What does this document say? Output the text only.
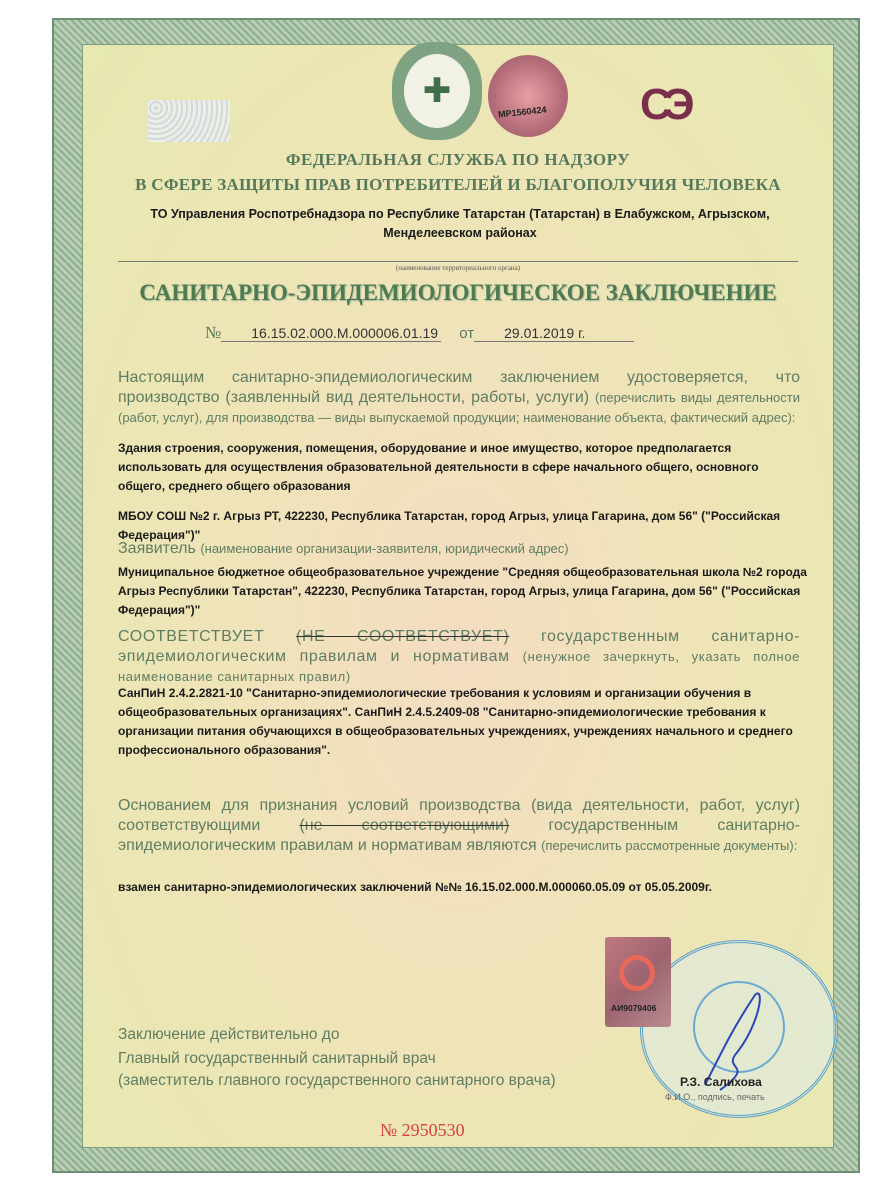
✚
МР1560424 СЭ
ФЕДЕРАЛЬНАЯ СЛУЖБА ПО НАДЗОРУ
В СФЕРЕ ЗАЩИТЫ ПРАВ ПОТРЕБИТЕЛЕЙ И БЛАГОПОЛУЧИЯ ЧЕЛОВЕКА
ТО Управления Роспотребнадзора по Республике Татарстан (Татарстан) в Елабужском, Агрызском, Менделеевском районах
(наименование территориального органа)
САНИТАРНО-ЭПИДЕМИОЛОГИЧЕСКОЕ ЗАКЛЮЧЕНИЕ
№	16.15.02.000.М.000006.01.19 от	29.01.2019 г.
Настоящим санитарно-эпидемиологическим заключением удостоверяется, что производство (заявленный вид деятельности, работы, услуги) (перечислить виды деятельности (работ, услуг), для производства — виды выпускаемой продукции; наименование объекта, фактический адрес):
Здания строения, сооружения, помещения, оборудование и иное имущество, которое предполагается использовать для осуществления образовательной деятельности в сфере начального общего, основного общего, среднего общего образования
МБОУ СОШ №2 г. Агрыз РТ, 422230, Республика Татарстан, город Агрыз, улица Гагарина, дом 56" ("Российская Федерация")"
Заявитель (наименование организации-заявителя, юридический адрес)
Муниципальное бюджетное общеобразовательное учреждение "Средняя общеобразовательная школа №2 города Агрыз Республики Татарстан", 422230, Республика Татарстан, город Агрыз, улица Гагарина, дом 56" ("Российская Федерация")"
СООТВЕТСТВУЕТ (НЕ СООТВЕТСТВУЕТ) государственным санитарно-эпидемиологическим правилам и нормативам (ненужное зачеркнуть, указать полное наименование санитарных правил)
СанПиН 2.4.2.2821-10 "Санитарно-эпидемиологические требования к условиям и организации обучения в общеобразовательных организациях". СанПиН 2.4.5.2409-08 "Санитарно-эпидемиологические требования к организации питания обучающихся в общеобразовательных учреждениях, учреждениях начального и среднего профессионального образования".
Основанием для признания условий производства (вида деятельности, работ, услуг) соответствующими (не соответствующими) государственным санитарно-эпидемиологическим правилам и нормативам являются (перечислить рассмотренные документы):
взамен санитарно-эпидемиологических заключений №№ 16.15.02.000.М.000060.05.09 от 05.05.2009г.
АИ9079406
Заключение действительно до
Главный государственный санитарный врач
(заместитель главного государственного санитарного врача)	Р.З. Салихова
Ф.И.О., подпись, печать
№ 2950530
